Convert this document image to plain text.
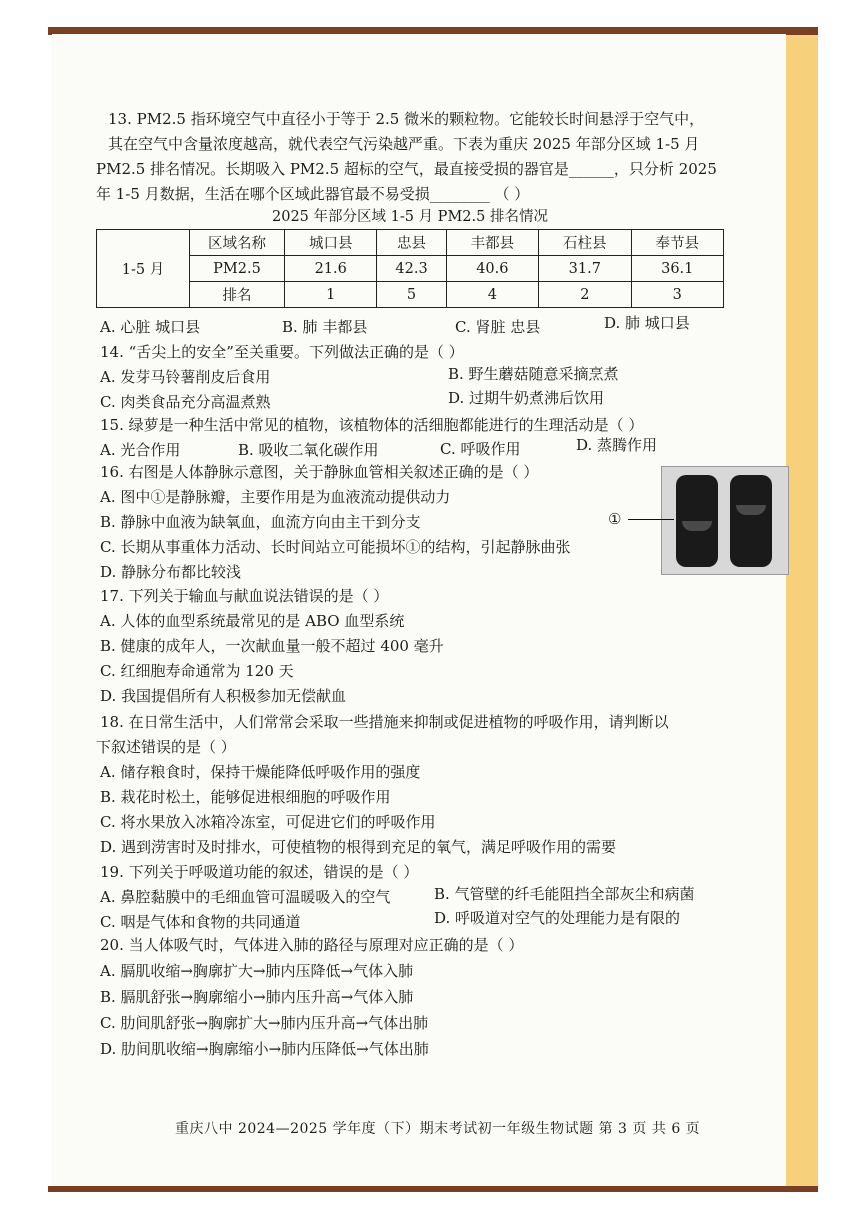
13. PM2.5 指环境空气中直径小于等于 2.5 微米的颗粒物。它能较长时间悬浮于空气中，
其在空气中含量浓度越高，就代表空气污染越严重。下表为重庆 2025 年部分区域 1-5 月
PM2.5 排名情况。长期吸入 PM2.5 超标的空气，最直接受损的器官是______，只分析 2025
年 1-5 月数据，生活在哪个区域此器官最不易受损________ （ ）
2025 年部分区域 1-5 月 PM2.5 排名情况
1-5 月	区域名称	城口县	忠县	丰都县	石柱县	奉节县
	PM2.5	21.6	42.3	40.6	31.7	36.1
	排名	1	5	4	2	3
A. 心脏 城口县	B. 肺 丰都县	C. 肾脏 忠县	D. 肺 城口县
14. “舌尖上的安全”至关重要。下列做法正确的是（ ）
A. 发芽马铃薯削皮后食用	B. 野生蘑菇随意采摘烹煮
C. 肉类食品充分高温煮熟	D. 过期牛奶煮沸后饮用
15. 绿萝是一种生活中常见的植物，该植物体的活细胞都能进行的生理活动是（ ）
A. 光合作用	B. 吸收二氧化碳作用	C. 呼吸作用	D. 蒸腾作用
16. 右图是人体静脉示意图，关于静脉血管相关叙述正确的是（ ）
A. 图中①是静脉瓣，主要作用是为血液流动提供动力
B. 静脉中血液为缺氧血，血流方向由主干到分支
C. 长期从事重体力活动、长时间站立可能损坏①的结构，引起静脉曲张
D. 静脉分布都比较浅
①
17. 下列关于输血与献血说法错误的是（ ）
A. 人体的血型系统最常见的是 ABO 血型系统
B. 健康的成年人，一次献血量一般不超过 400 毫升
C. 红细胞寿命通常为 120 天
D. 我国提倡所有人积极参加无偿献血
18. 在日常生活中，人们常常会采取一些措施来抑制或促进植物的呼吸作用，请判断以
下叙述错误的是（ ）
A. 储存粮食时，保持干燥能降低呼吸作用的强度
B. 栽花时松土，能够促进根细胞的呼吸作用
C. 将水果放入冰箱冷冻室，可促进它们的呼吸作用
D. 遇到涝害时及时排水，可使植物的根得到充足的氧气，满足呼吸作用的需要
19. 下列关于呼吸道功能的叙述，错误的是（ ）
A. 鼻腔黏膜中的毛细血管可温暖吸入的空气	B. 气管壁的纤毛能阻挡全部灰尘和病菌
C. 咽是气体和食物的共同通道	D. 呼吸道对空气的处理能力是有限的
20. 当人体吸气时，气体进入肺的路径与原理对应正确的是（ ）
A. 膈肌收缩→胸廓扩大→肺内压降低→气体入肺
B. 膈肌舒张→胸廓缩小→肺内压升高→气体入肺
C. 肋间肌舒张→胸廓扩大→肺内压升高→气体出肺
D. 肋间肌收缩→胸廓缩小→肺内压降低→气体出肺
重庆八中 2024—2025 学年度（下）期末考试初一年级生物试题 第 3 页 共 6 页
